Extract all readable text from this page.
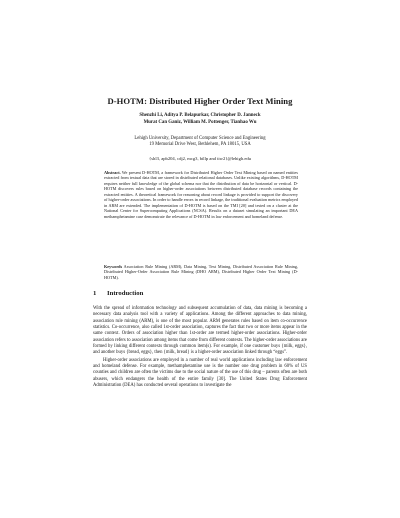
D-HOTM: Distributed Higher Order Text Mining
Shenzhi Li, Aditya P. Belapurkar, Christopher D. Janneck
Murat Can Ganiz, William M. Pottenger, Tianhao Wu
Lehigh University, Department of Computer Science and Engineering
19 Memorial Drive West, Bethlehem, PA 18015, USA
{shl3, apb204, cdj2, mcg3, billp and tiw2}@lehigh.edu
Abstract. We present D-HOTM, a framework for Distributed Higher Order Text Mining based on named entities extracted from textual data that are stored in distributed relational databases. Unlike existing algorithms, D-HOTM requires neither full knowledge of the global schema nor that the distribution of data be horizontal or vertical. D-HOTM discovers rules based on higher-order associations between distributed database records containing the extracted entities. A theoretical framework for reasoning about record linkage is provided to support the discovery of higher-order associations. In order to handle errors in record linkage, the traditional evaluation metrics employed in ARM are extended. The implementation of D-HOTM is based on the TMI [20] and tested on a cluster at the National Center for Supercomputing Applications (NCSA). Results on a dataset simulating an important DEA methamphetamine case demonstrate the relevance of D-HOTM in law enforcement and homeland defense.
Keywords Association Rule Mining (ARM), Data Mining, Text Mining, Distributed Association Rule Mining, Distributed Higher-Order Association Rule Mining (DHO ARM), Distributed Higher Order Text Mining (D-HOTM).
1 Introduction

With the spread of information technology and subsequent accumulation of data, data mining is becoming a necessary data analysis tool with a variety of applications. Among the different approaches to data mining, association rule mining (ARM), is one of the most popular. ARM generates rules based on item co-occurrence statistics. Co-occurrence, also called 1st-order association, captures the fact that two or more items appear in the same context. Orders of association higher than 1st-order are termed higher-order associations. Higher-order association refers to association among items that come from different contexts. The higher-order associations are formed by linking different contexts through common item(s). For example, if one customer buys {milk, eggs}, and another buys {bread, eggs}, then {milk, bread} is a higher-order association linked through “eggs”.

Higher-order associations are employed in a number of real world applications including law enforcement and homeland defense. For example, methamphetamine use is the number one drug problem in 60% of US counties and children are often the victims due to the social nature of the use of this drug – parents often are both abusers, which endangers the health of the entire family [30]. The United States Drug Enforcement Administration (DEA) has conducted several operations to investigate the
